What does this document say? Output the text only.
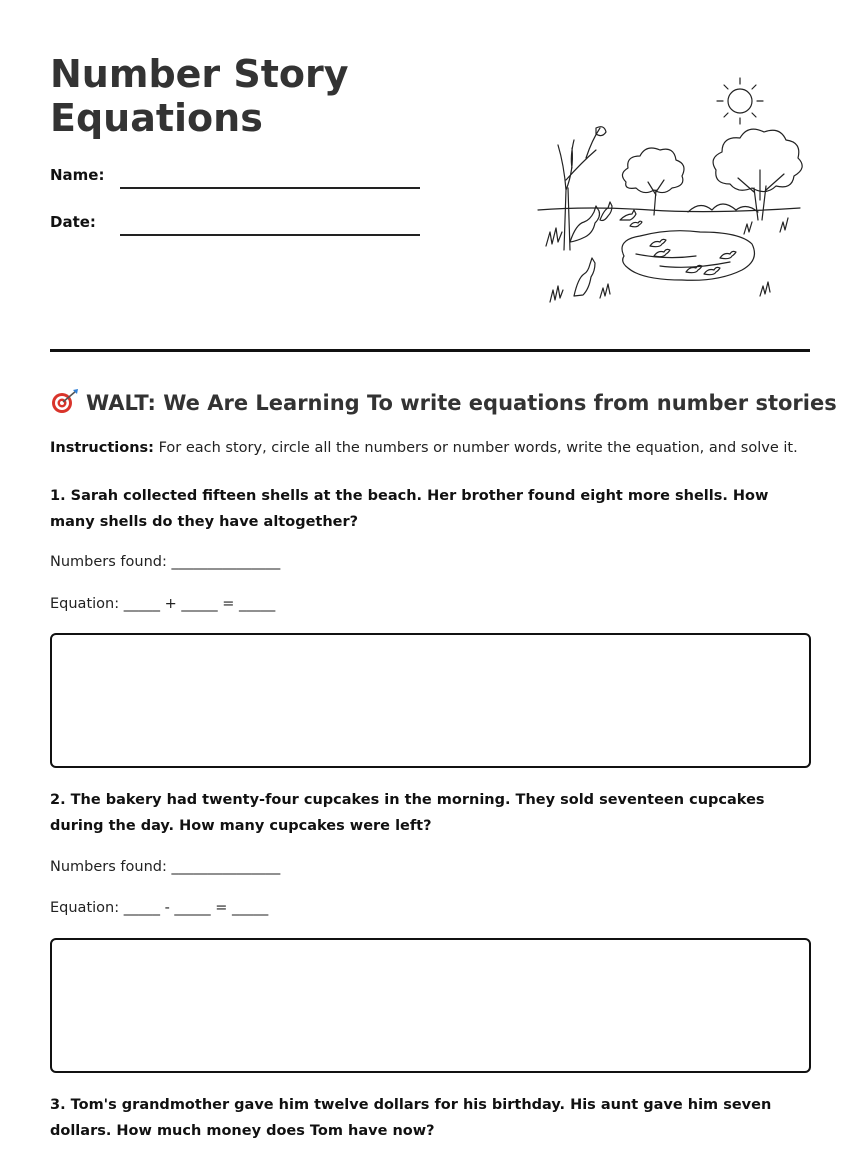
Number Story
Equations
Name:
Date:
WALT: We Are Learning To write equations from number stories

Instructions: For each story, circle all the numbers or number words, write the equation, and solve it.

1. Sarah collected fifteen shells at the beach. Her brother found eight more shells. How many shells do they have altogether?

Numbers found: _______________
Equation: _____ + _____ = _____

2. The bakery had twenty-four cupcakes in the morning. They sold seventeen cupcakes during the day. How many cupcakes were left?

Numbers found: _______________
Equation: _____ - _____ = _____

3. Tom's grandmother gave him twelve dollars for his birthday. His aunt gave him seven dollars. How much money does Tom have now?
